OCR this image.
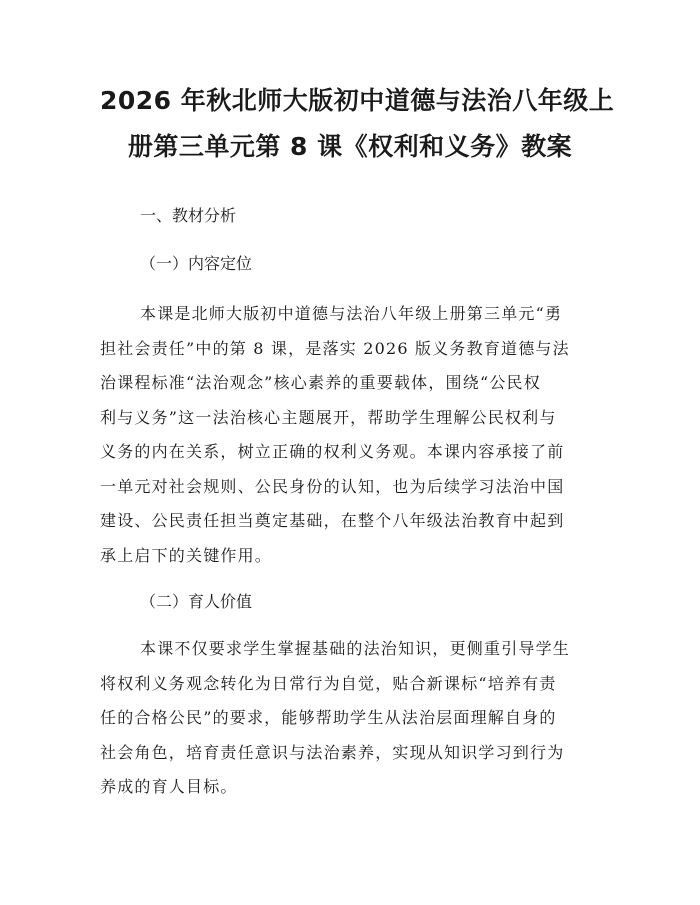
2026 年秋北师大版初中道德与法治八年级上
册第三单元第 8 课《权利和义务》教案

一、教材分析

（一）内容定位

本课是北师大版初中道德与法治八年级上册第三单元“勇
担社会责任”中的第 8 课，是落实 2026 版义务教育道德与法
治课程标准“法治观念”核心素养的重要载体，围绕“公民权
利与义务”这一法治核心主题展开，帮助学生理解公民权利与
义务的内在关系，树立正确的权利义务观。本课内容承接了前
一单元对社会规则、公民身份的认知，也为后续学习法治中国
建设、公民责任担当奠定基础，在整个八年级法治教育中起到
承上启下的关键作用。

（二）育人价值

本课不仅要求学生掌握基础的法治知识，更侧重引导学生
将权利义务观念转化为日常行为自觉，贴合新课标“培养有责
任的合格公民”的要求，能够帮助学生从法治层面理解自身的
社会角色，培育责任意识与法治素养，实现从知识学习到行为
养成的育人目标。
